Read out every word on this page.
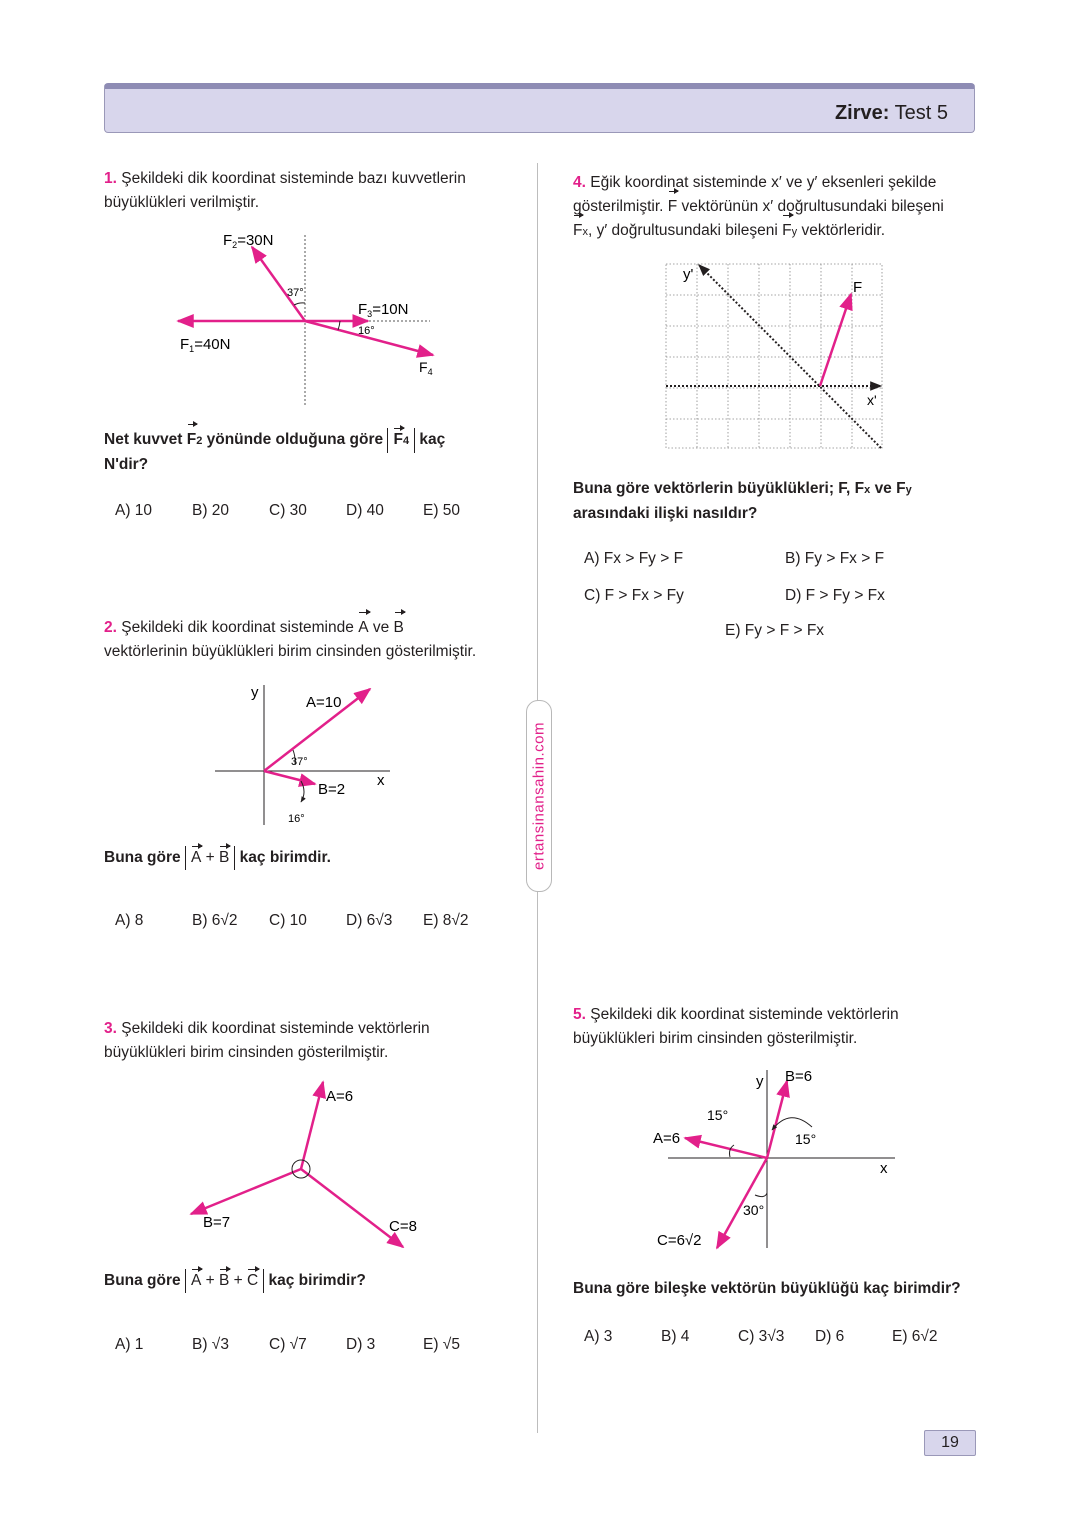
Zirve: Test 5
ertansinansahin.com
1. Şekildeki dik koordinat sisteminde bazı kuvvetlerin
büyüklükleri verilmiştir.
$F_2=30N$
37°
$F_3=10N$
16°
$F_1=40N$
$F_4$
Net kuvvet F2 yönünde olduğuna göre F4 kaç
N'dir?
A) 10	B) 20	C) 30	D) 40	E) 50
2. Şekildeki dik koordinat sisteminde A ve B
vektörlerinin büyüklükleri birim cinsinden gösterilmiştir.
y
x
A=10
37°
B=2
16°
Buna göre A + B kaç birimdir.
A) 8	B) 6√2 C) 10	D) 6√3 E) 8√2
3. Şekildeki dik koordinat sisteminde vektörlerin
büyüklükleri birim cinsinden gösterilmiştir.
A=6
B=7	C=8
Buna göre A + B + C kaç birimdir?
A) 1	B) √3	C) √7	D) 3	E) √5
4. Eğik koordinat sisteminde x′ ve y′ eksenleri şekilde
gösterilmiştir. F vektörünün x′ doğrultusundaki bileşeni
Fx, y′ doğrultusundaki bileşeni Fy vektörleridir.
y'
x'
F
Buna göre vektörlerin büyüklükleri; F, Fx ve Fy
arasındaki ilişki nasıldır?
A) Fx > Fy > F	B) Fy > Fx > F
C) F > Fx > Fy	D) F > Fy > Fx
E) Fy > F > Fx
5. Şekildeki dik koordinat sisteminde vektörlerin
büyüklükleri birim cinsinden gösterilmiştir.
y
x
B=6
15°
15°
A=6
30°
C=6√2
Buna göre bileşke vektörün büyüklüğü kaç birimdir?
A) 3	B) 4	C) 3√3 D) 6	E) 6√2
19
